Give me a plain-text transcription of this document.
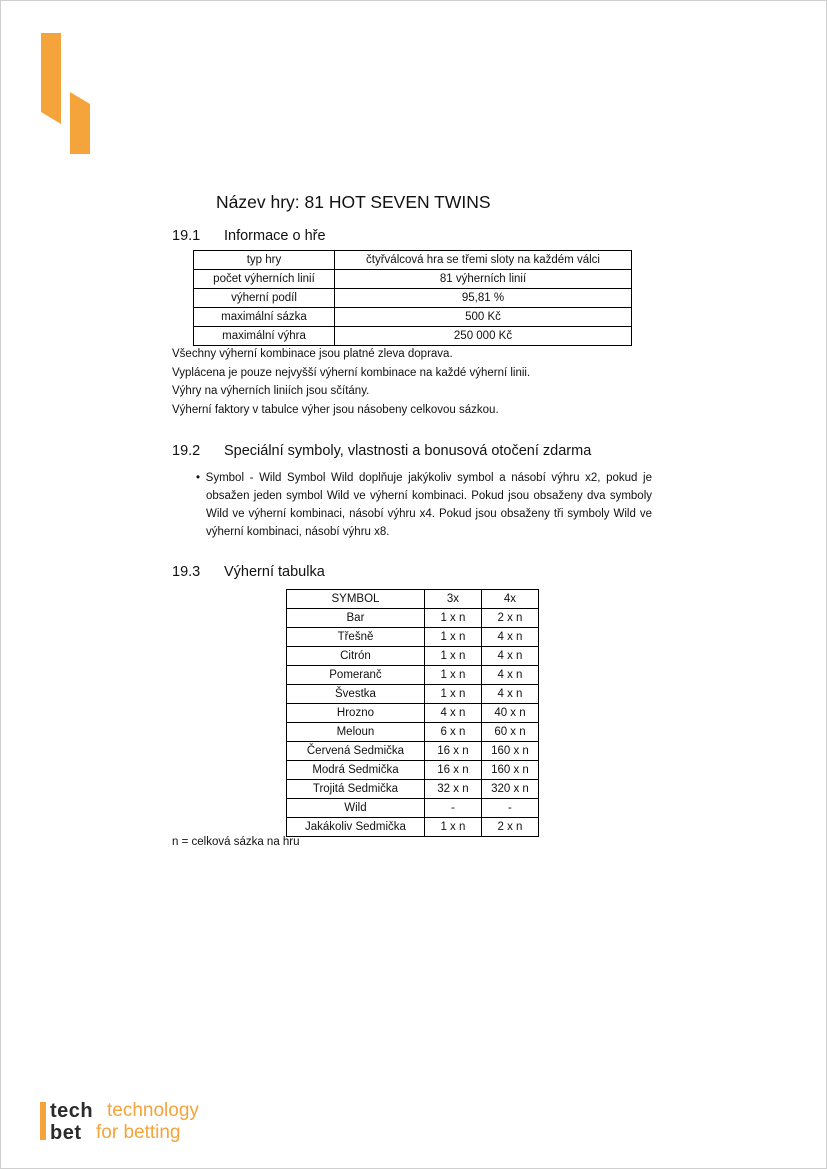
Název hry: 81 HOT SEVEN TWINS
19.1 Informace o hře
typ hry	čtyřválcová hra se třemi sloty na každém válci
počet výherních linií	81 výherních linií
výherní podíl	95,81 %
maximální sázka	500 Kč
maximální výhra	250 000 Kč

Všechny výherní kombinace jsou platné zleva doprava.

Vyplácena je pouze nejvyšší výherní kombinace na každé výherní linii.

Výhry na výherních liniích jsou sčítány.

Výherní faktory v tabulce výher jsou násobeny celkovou sázkou.

19.2 Speciální symboly, vlastnosti a bonusová otočení zdarma
• Symbol - Wild Symbol Wild doplňuje jakýkoliv symbol a násobí výhru x2, pokud je obsažen jeden symbol Wild ve výherní kombinaci. Pokud jsou obsaženy dva symboly Wild ve výherní kombinaci, násobí výhru x4. Pokud jsou obsaženy tři symboly Wild ve výherní kombinaci, násobí výhru x8.
19.3 Výherní tabulka
SYMBOL	3x	4x
Bar	1 x n	2 x n
Třešně	1 x n	4 x n
Citrón	1 x n	4 x n
Pomeranč	1 x n	4 x n
Švestka	1 x n	4 x n
Hrozno	4 x n	40 x n
Meloun	6 x n	60 x n
Červená Sedmička	16 x n	160 x n
Modrá Sedmička	16 x n	160 x n
Trojitá Sedmička	32 x n	320 x n
Wild	-	-
Jakákoliv Sedmička	1 x n	2 x n
n = celková sázka na hru
tech
bet
technology
for betting
